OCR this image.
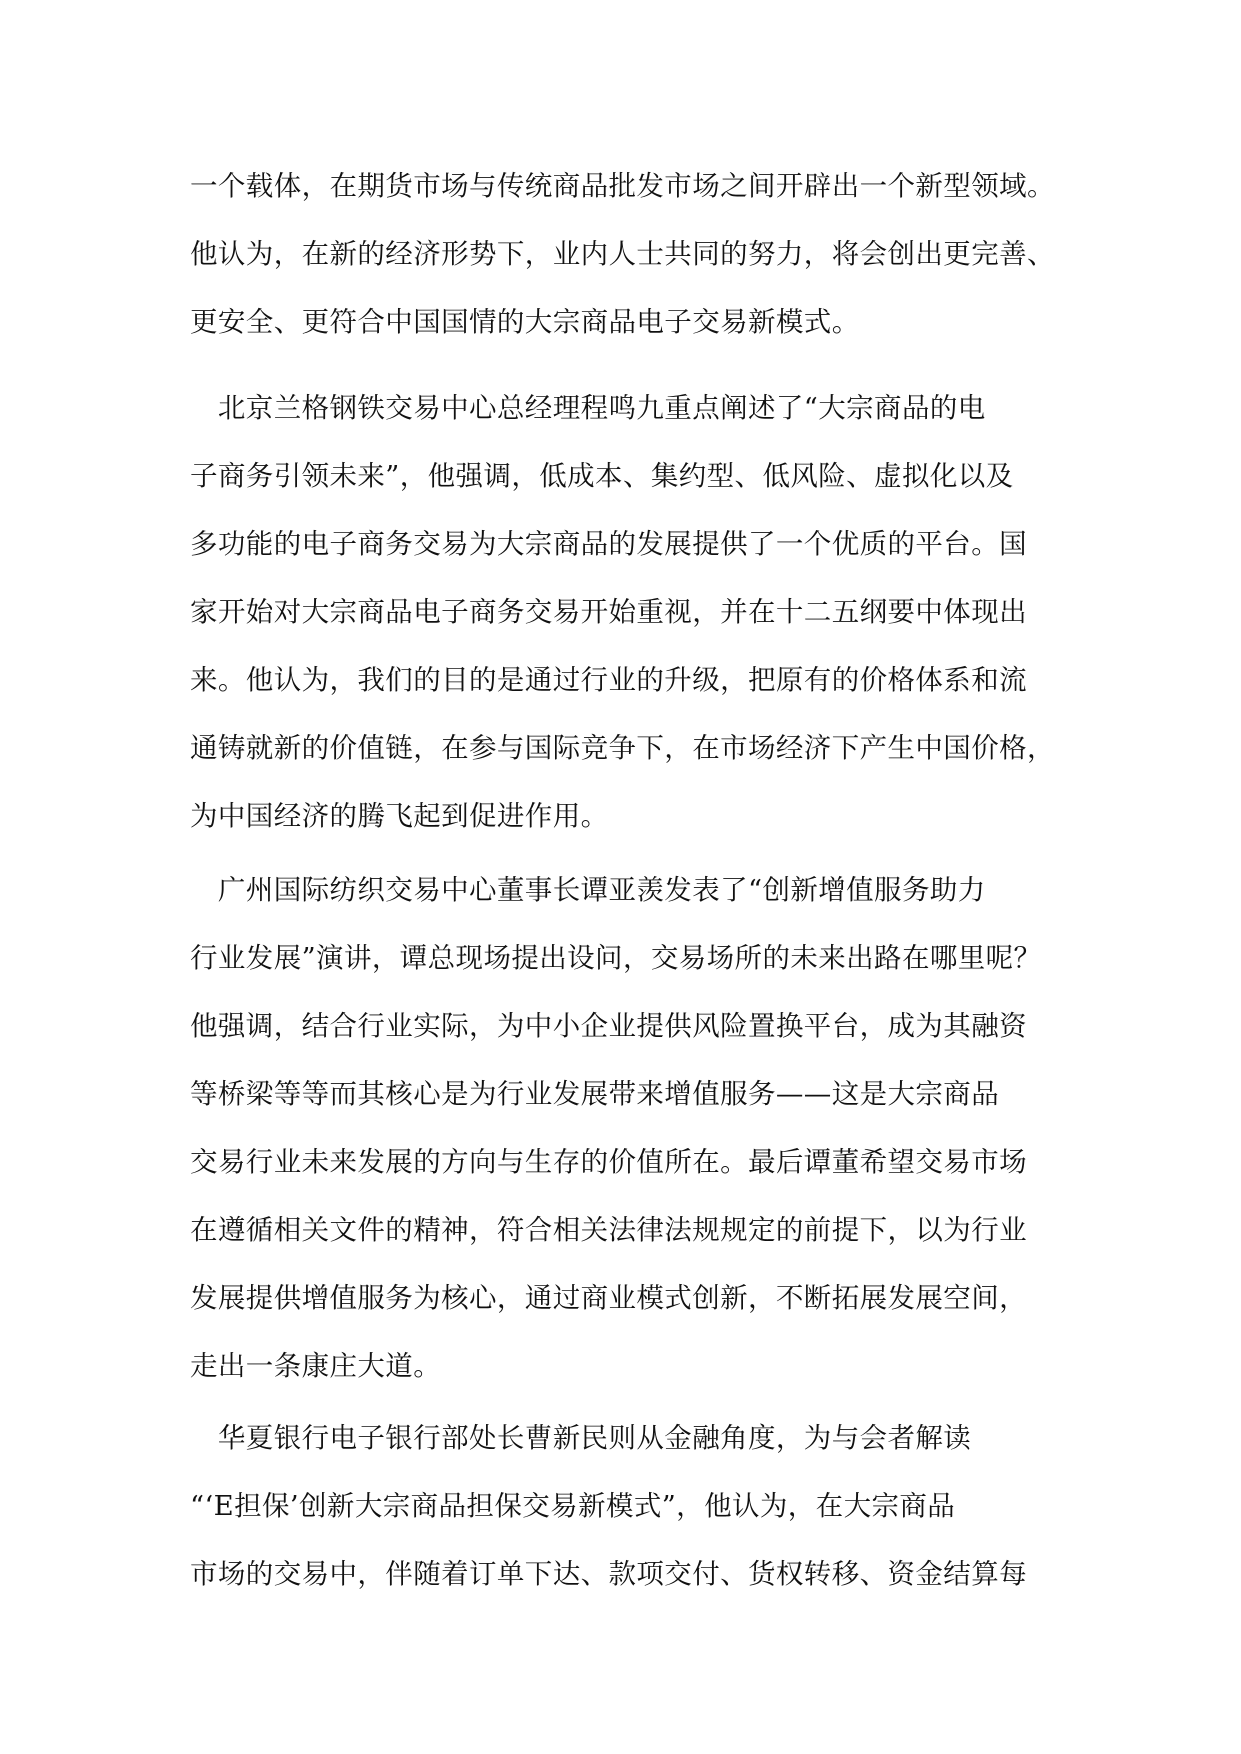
一个载体，在期货市场与传统商品批发市场之间开辟出一个新型领域。
他认为，在新的经济形势下，业内人士共同的努力，将会创出更完善、
更安全、更符合中国国情的大宗商品电子交易新模式。
　北京兰格钢铁交易中心总经理程鸣九重点阐述了“大宗商品的电
子商务引领未来”，他强调，低成本、集约型、低风险、虚拟化以及
多功能的电子商务交易为大宗商品的发展提供了一个优质的平台。国
家开始对大宗商品电子商务交易开始重视，并在十二五纲要中体现出
来。他认为，我们的目的是通过行业的升级，把原有的价格体系和流
通铸就新的价值链，在参与国际竞争下，在市场经济下产生中国价格，
为中国经济的腾飞起到促进作用。
　广州国际纺织交易中心董事长谭亚羡发表了“创新增值服务助力
行业发展”演讲，谭总现场提出设问，交易场所的未来出路在哪里呢？
他强调，结合行业实际，为中小企业提供风险置换平台，成为其融资
等桥梁等等而其核心是为行业发展带来增值服务——这是大宗商品
交易行业未来发展的方向与生存的价值所在。最后谭董希望交易市场
在遵循相关文件的精神，符合相关法律法规规定的前提下，以为行业
发展提供增值服务为核心，通过商业模式创新，不断拓展发展空间，
走出一条康庄大道。
　华夏银行电子银行部处长曹新民则从金融角度，为与会者解读
“‘E担保’创新大宗商品担保交易新模式”，他认为，在大宗商品
市场的交易中，伴随着订单下达、款项交付、货权转移、资金结算每
